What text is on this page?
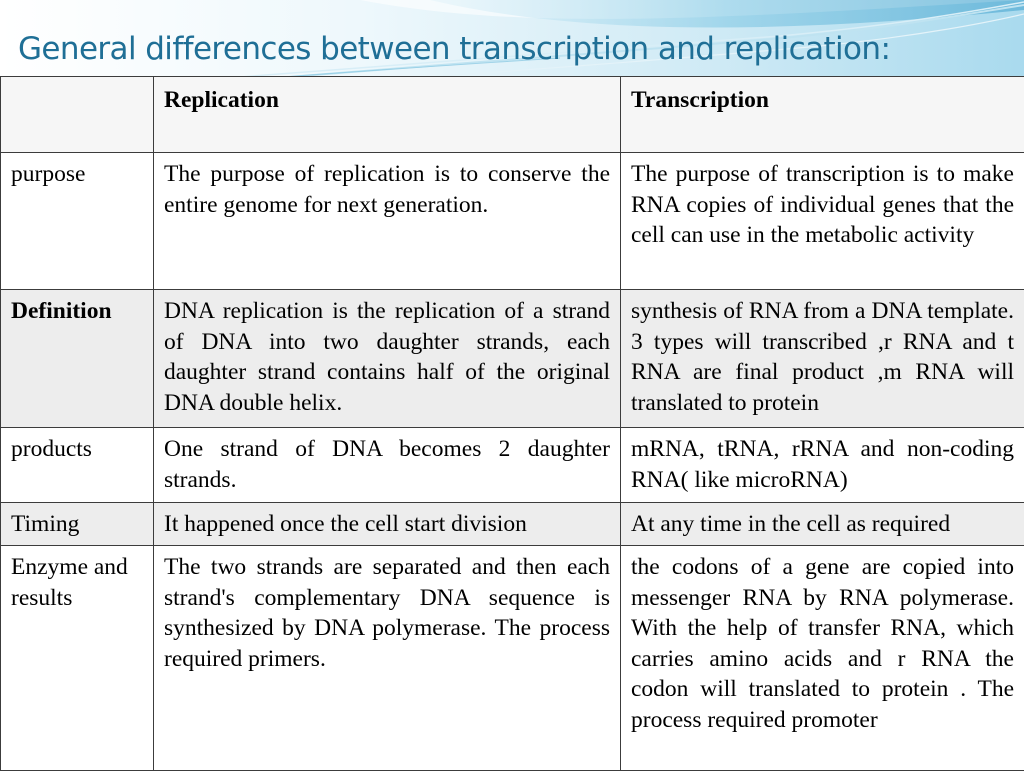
General differences between transcription and replication:
	Replication	Transcription
purpose	The purpose of replication is to conserve the entire genome for next generation.	The purpose of transcription is to make RNA copies of individual genes that the cell can use in the metabolic activity
Definition	DNA replication is the replication of a strand of DNA into two daughter strands, each daughter strand contains half of the original DNA double helix.	synthesis of RNA from a DNA template. 3 types will transcribed ,r RNA and t RNA are final product ,m RNA will translated to protein
products	One strand of DNA becomes 2 daughter strands.	mRNA, tRNA, rRNA and non-coding RNA( like microRNA)
Timing	It happened once the cell start division	At any time in the cell as required
Enzyme and results	The two strands are separated and then each strand's complementary DNA sequence is synthesized by DNA polymerase. The process required primers.	the codons of a gene are copied into messenger RNA by RNA polymerase. With the help of transfer RNA, which carries amino acids and r RNA the codon will translated to protein . The process required promoter
